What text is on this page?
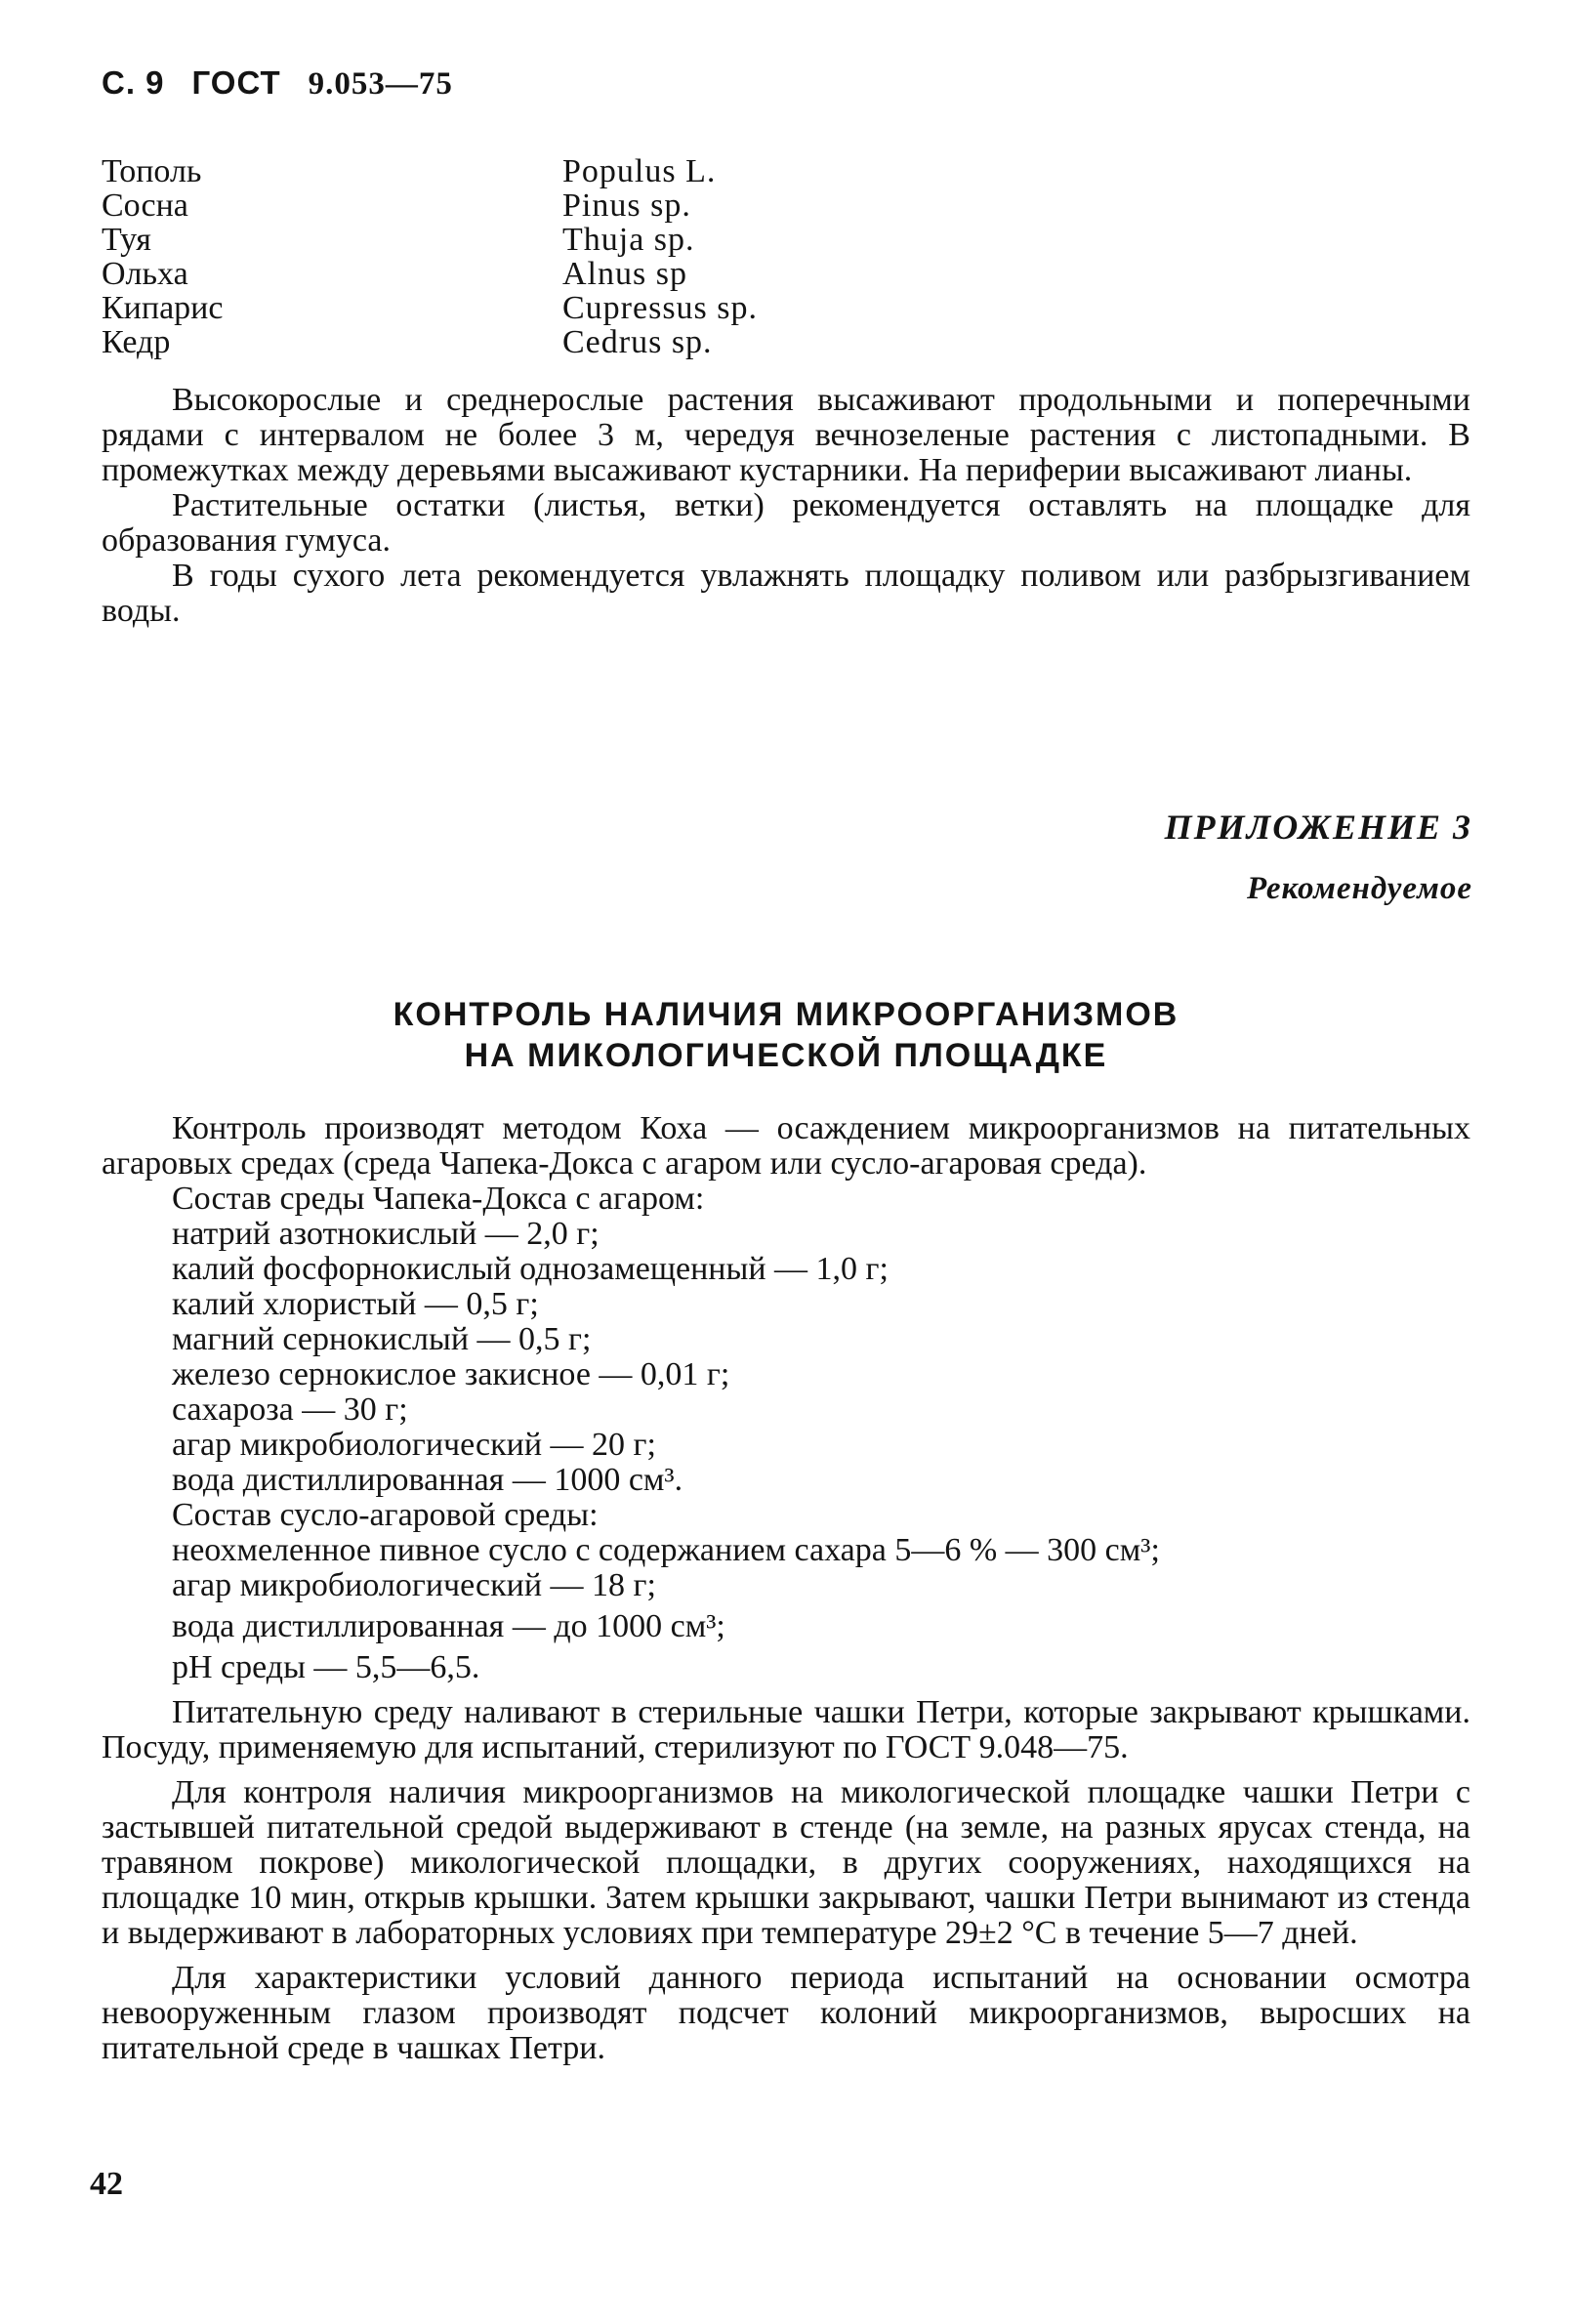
С. 9 ГОСТ 9.053—75
Тополь	Populus L.
Сосна	Pinus sp.
Туя	Thuja sp.
Ольха	Alnus sp
Кипарис	Cupressus sp.
Кедр	Cedrus sp.

Высокорослые и среднерослые растения высаживают продольными и поперечными рядами с интервалом не более 3 м, чередуя вечнозеленые растения с листопадными. В промежутках между деревьями высаживают кустарники. На периферии высаживают лианы.

Растительные остатки (листья, ветки) рекомендуется оставлять на площадке для образования гумуса.

В годы сухого лета рекомендуется увлажнять площадку поливом или разбрызгиванием воды.

ПРИЛОЖЕНИЕ 3
Рекомендуемое
КОНТРОЛЬ НАЛИЧИЯ МИКРООРГАНИЗМОВ
НА МИКОЛОГИЧЕСКОЙ ПЛОЩАДКЕ

Контроль производят методом Коха — осаждением микроорганизмов на питательных агаровых средах (среда Чапека-Докса с агаром или сусло-агаровая среда).

Состав среды Чапека-Докса с агаром:

натрий азотнокислый — 2,0 г;

калий фосфорнокислый однозамещенный — 1,0 г;

калий хлористый — 0,5 г;

магний сернокислый — 0,5 г;

железо сернокислое закисное — 0,01 г;

сахароза — 30 г;

агар микробиологический — 20 г;

вода дистиллированная — 1000 см³.

Состав сусло-агаровой среды:

неохмеленное пивное сусло с содержанием сахара 5—6 % — 300 см³;

агар микробиологический — 18 г;

вода дистиллированная — до 1000 см³;

pH среды — 5,5—6,5.

Питательную среду наливают в стерильные чашки Петри, которые закрывают крышками. Посуду, применяемую для испытаний, стерилизуют по ГОСТ 9.048—75.

Для контроля наличия микроорганизмов на микологической площадке чашки Петри с застывшей питательной средой выдерживают в стенде (на земле, на разных ярусах стенда, на травяном покрове) микологической площадки, в других сооружениях, находящихся на площадке 10 мин, открыв крышки. Затем крышки закрывают, чашки Петри вынимают из стенда и выдерживают в лабораторных условиях при температуре 29±2 °С в течение 5—7 дней.

Для характеристики условий данного периода испытаний на основании осмотра невооруженным глазом производят подсчет колоний микроорганизмов, выросших на питательной среде в чашках Петри.

42
